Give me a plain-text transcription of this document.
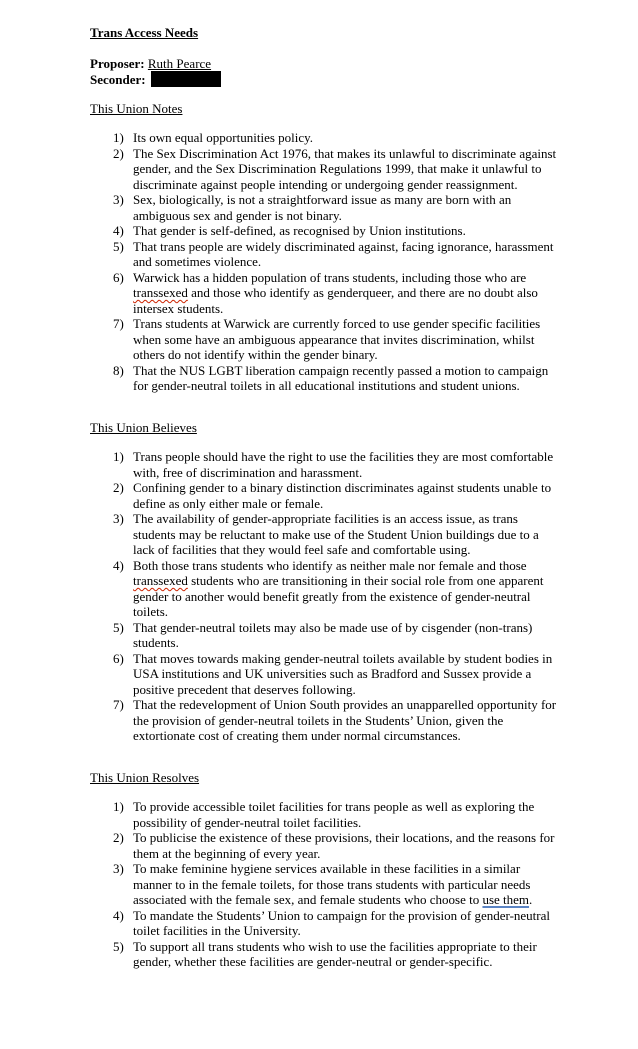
Trans Access Needs

Proposer: Ruth Pearce

Seconder:

This Union Notes
Its own equal opportunities policy.
The Sex Discrimination Act 1976, that makes its unlawful to discriminate against gender, and the Sex Discrimination Regulations 1999, that make it unlawful to discriminate against people intending or undergoing gender reassignment.
Sex, biologically, is not a straightforward issue as many are born with an ambiguous sex and gender is not binary.
That gender is self-defined, as recognised by Union institutions.
That trans people are widely discriminated against, facing ignorance, harassment and sometimes violence.
Warwick has a hidden population of trans students, including those who are transsexed and those who identify as genderqueer, and there are no doubt also intersex students.
Trans students at Warwick are currently forced to use gender specific facilities when some have an ambiguous appearance that invites discrimination, whilst others do not identify within the gender binary.
That the NUS LGBT liberation campaign recently passed a motion to campaign for gender-neutral toilets in all educational institutions and student unions.
This Union Believes
Trans people should have the right to use the facilities they are most comfortable with, free of discrimination and harassment.
Confining gender to a binary distinction discriminates against students unable to define as only either male or female.
The availability of gender-appropriate facilities is an access issue, as trans students may be reluctant to make use of the Student Union buildings due to a lack of facilities that they would feel safe and comfortable using.
Both those trans students who identify as neither male nor female and those transsexed students who are transitioning in their social role from one apparent gender to another would benefit greatly from the existence of gender-neutral toilets.
That gender-neutral toilets may also be made use of by cisgender (non-trans) students.
That moves towards making gender-neutral toilets available by student bodies in USA institutions and UK universities such as Bradford and Sussex provide a positive precedent that deserves following.
That the redevelopment of Union South provides an unapparelled opportunity for the provision of gender-neutral toilets in the Students’ Union, given the extortionate cost of creating them under normal circumstances.
This Union Resolves
To provide accessible toilet facilities for trans people as well as exploring the possibility of gender-neutral toilet facilities.
To publicise the existence of these provisions, their locations, and the reasons for them at the beginning of every year.
To make feminine hygiene services available in these facilities in a similar manner to in the female toilets, for those trans students with particular needs associated with the female sex, and female students who choose to use them.
To mandate the Students’ Union to campaign for the provision of gender-neutral toilet facilities in the University.
To support all trans students who wish to use the facilities appropriate to their gender, whether these facilities are gender-neutral or gender-specific.
